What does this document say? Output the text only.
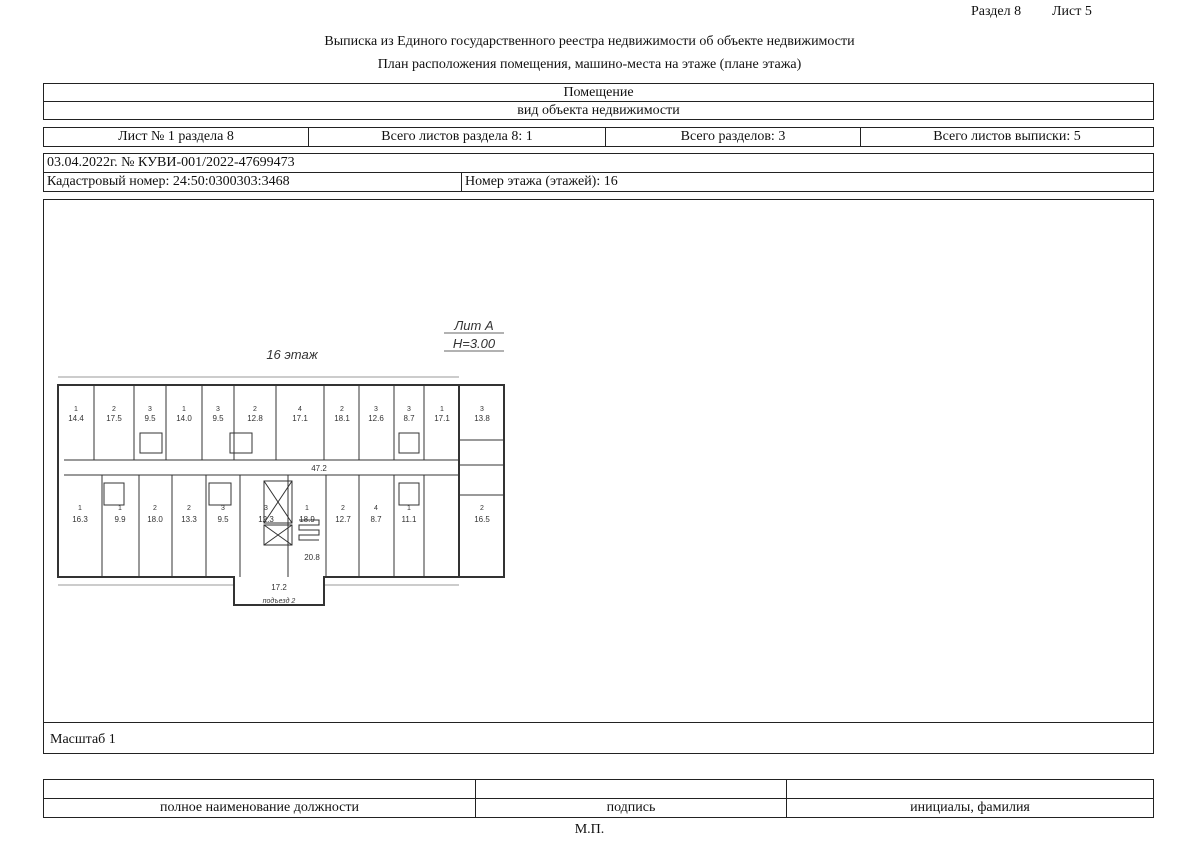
Раздел 8 Лист 5
Выписка из Единого государственного реестра недвижимости об объекте недвижимости
План расположения помещения, машино-места на этаже (плане этажа)
Помещение
вид объекта недвижимости
Лист № 1 раздела 8	Всего листов раздела 8: 1	Всего разделов: 3	Всего листов выписки: 5
03.04.2022г. № КУВИ-001/2022-47699473
Кадастровый номер: 24:50:0300303:3468	Номер этажа (этажей): 16
Масштаб 1
Лит А
H=3.00
16 этаж
подъезд 2
47.2
20.8
17.2
1
14.4
2
17.5
3
9.5
1
14.0
3
9.5
2
12.8
4
17.1
2
18.1
3
12.6
3
8.7
1
17.1
3
13.8
1
16.3
1
9.9
2
18.0
2
13.3
3
9.5
3
12.3
1
18.9
2
12.7
4
8.7
1
11.1
2
16.5
полное наименование должности	подпись	инициалы, фамилия
М.П.
